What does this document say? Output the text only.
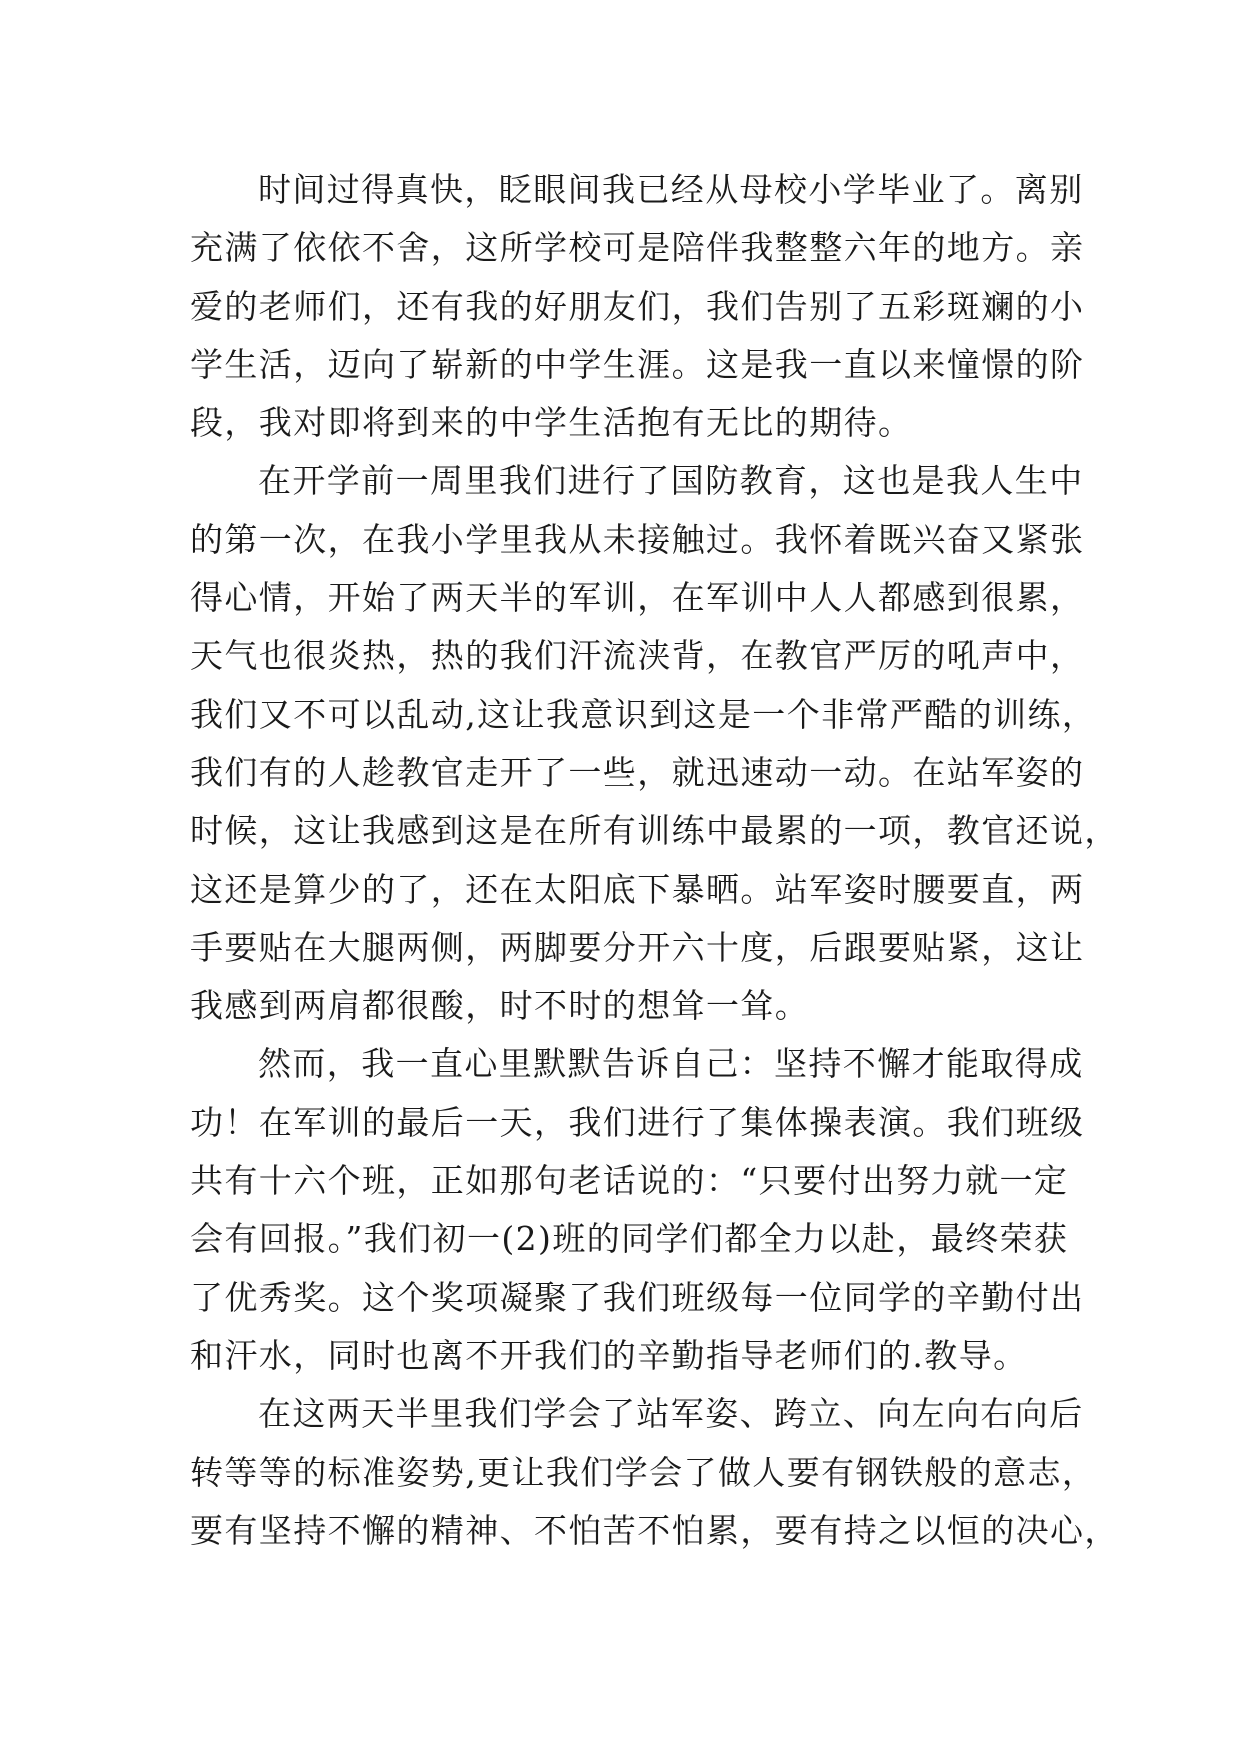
时间过得真快，眨眼间我已经从母校小学毕业了。离别
充满了依依不舍，这所学校可是陪伴我整整六年的地方。亲
爱的老师们，还有我的好朋友们，我们告别了五彩斑斓的小
学生活，迈向了崭新的中学生涯。这是我一直以来憧憬的阶
段，我对即将到来的中学生活抱有无比的期待。
在开学前一周里我们进行了国防教育，这也是我人生中
的第一次，在我小学里我从未接触过。我怀着既兴奋又紧张
得心情，开始了两天半的军训，在军训中人人都感到很累，
天气也很炎热，热的我们汗流浃背，在教官严厉的吼声中，
我们又不可以乱动,这让我意识到这是一个非常严酷的训练，
我们有的人趁教官走开了一些，就迅速动一动。在站军姿的
时候，这让我感到这是在所有训练中最累的一项，教官还说，
这还是算少的了，还在太阳底下暴晒。站军姿时腰要直，两
手要贴在大腿两侧，两脚要分开六十度，后跟要贴紧，这让
我感到两肩都很酸，时不时的想耸一耸。
然而，我一直心里默默告诉自己：坚持不懈才能取得成
功！在军训的最后一天，我们进行了集体操表演。我们班级
共有十六个班，正如那句老话说的：“只要付出努力就一定
会有回报。”我们初一(2)班的同学们都全力以赴，最终荣获
了优秀奖。这个奖项凝聚了我们班级每一位同学的辛勤付出
和汗水，同时也离不开我们的辛勤指导老师们的.教导。
在这两天半里我们学会了站军姿、跨立、向左向右向后
转等等的标准姿势,更让我们学会了做人要有钢铁般的意志，
要有坚持不懈的精神、不怕苦不怕累，要有持之以恒的决心，
